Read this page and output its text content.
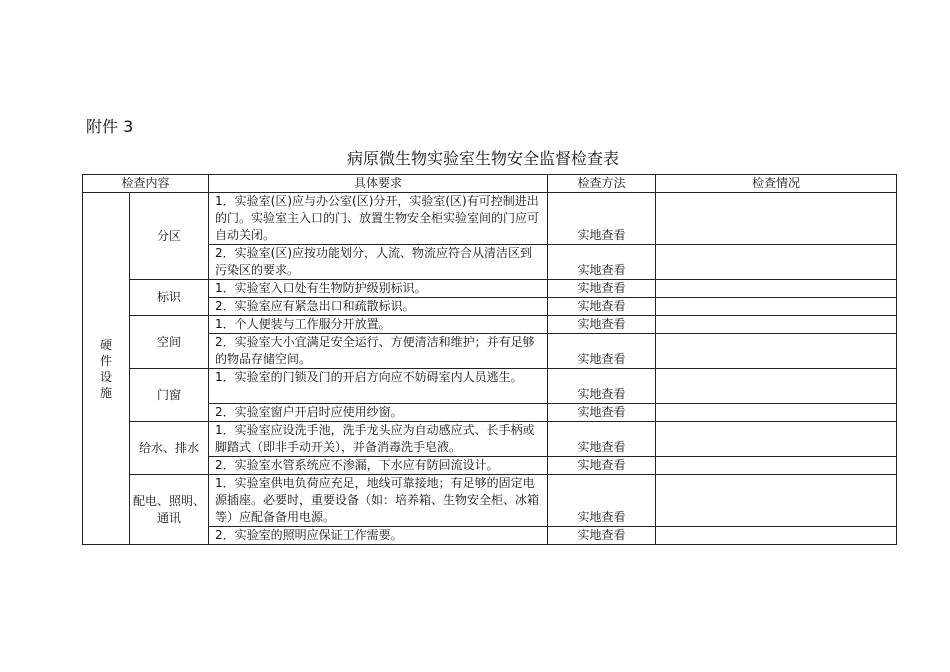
附件 3
病原微生物实验室生物安全监督检查表
检查内容		具体要求	检查方法	检查情况

硬件设施	分区	1．实验室(区)应与办公室(区)分开，实验室(区)有可控制进出的门。实验室主入口的门、放置生物安全柜实验室间的门应可自动关闭。	实地查看	
		2．实验室(区)应按功能划分，人流、物流应符合从清洁区到污染区的要求。	实地查看	
	标识	1．实验室入口处有生物防护级别标识。	实地查看	
		2．实验室应有紧急出口和疏散标识。	实地查看	
	空间	1．个人便装与工作服分开放置。	实地查看	
		2．实验室大小宜满足安全运行、方便清洁和维护；并有足够的物品存储空间。	实地查看	
	门窗	1．实验室的门锁及门的开启方向应不妨碍室内人员逃生。	实地查看	
		2．实验室窗户开启时应使用纱窗。	实地查看	
	给水、排水	1．实验室应设洗手池，洗手龙头应为自动感应式、长手柄或脚踏式（即非手动开关），并备消毒洗手皂液。	实地查看	
		2．实验室水管系统应不渗漏，下水应有防回流设计。	实地查看	
	配电、照明、通讯	1．实验室供电负荷应充足，地线可靠接地；有足够的固定电源插座。必要时，重要设备（如：培养箱、生物安全柜、冰箱等）应配备备用电源。	实地查看	
		2．实验室的照明应保证工作需要。	实地查看	
